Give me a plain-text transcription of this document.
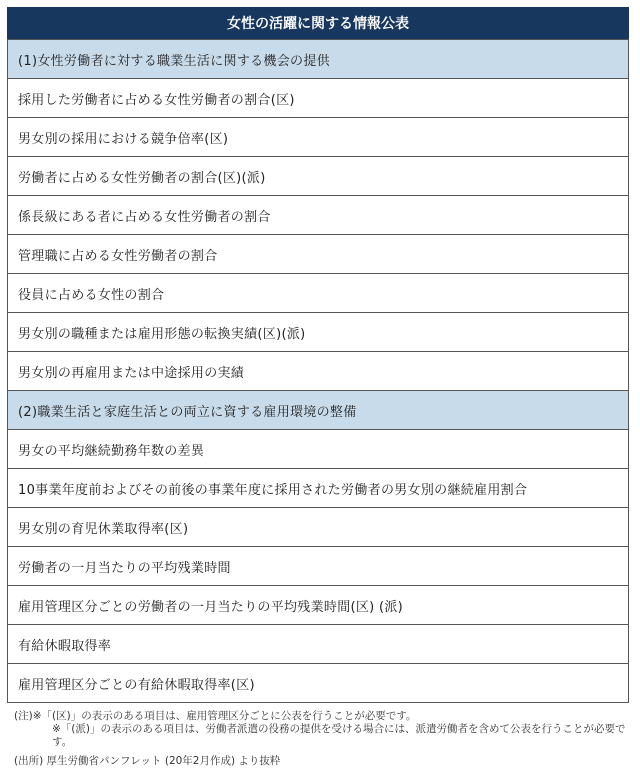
女性の活躍に関する情報公表
(1)女性労働者に対する職業生活に関する機会の提供
採用した労働者に占める女性労働者の割合(区)
男女別の採用における競争倍率(区)
労働者に占める女性労働者の割合(区)(派)
係長級にある者に占める女性労働者の割合
管理職に占める女性労働者の割合
役員に占める女性の割合
男女別の職種または雇用形態の転換実績(区)(派)
男女別の再雇用または中途採用の実績
(2)職業生活と家庭生活との両立に資する雇用環境の整備
男女の平均継続勤務年数の差異
10事業年度前およびその前後の事業年度に採用された労働者の男女別の継続雇用割合
男女別の育児休業取得率(区)
労働者の一月当たりの平均残業時間
雇用管理区分ごとの労働者の一月当たりの平均残業時間(区) (派)
有給休暇取得率
雇用管理区分ごとの有給休暇取得率(区)
(注) ※「(区)」の表示のある項目は、雇用管理区分ごとに公表を行うことが必要です。
※「(派)」の表示のある項目は、労働者派遣の役務の提供を受ける場合には、派遣労働者を含めて公表を行うことが必要です。
(出所) 厚生労働省パンフレット (20年2月作成) より抜粋
